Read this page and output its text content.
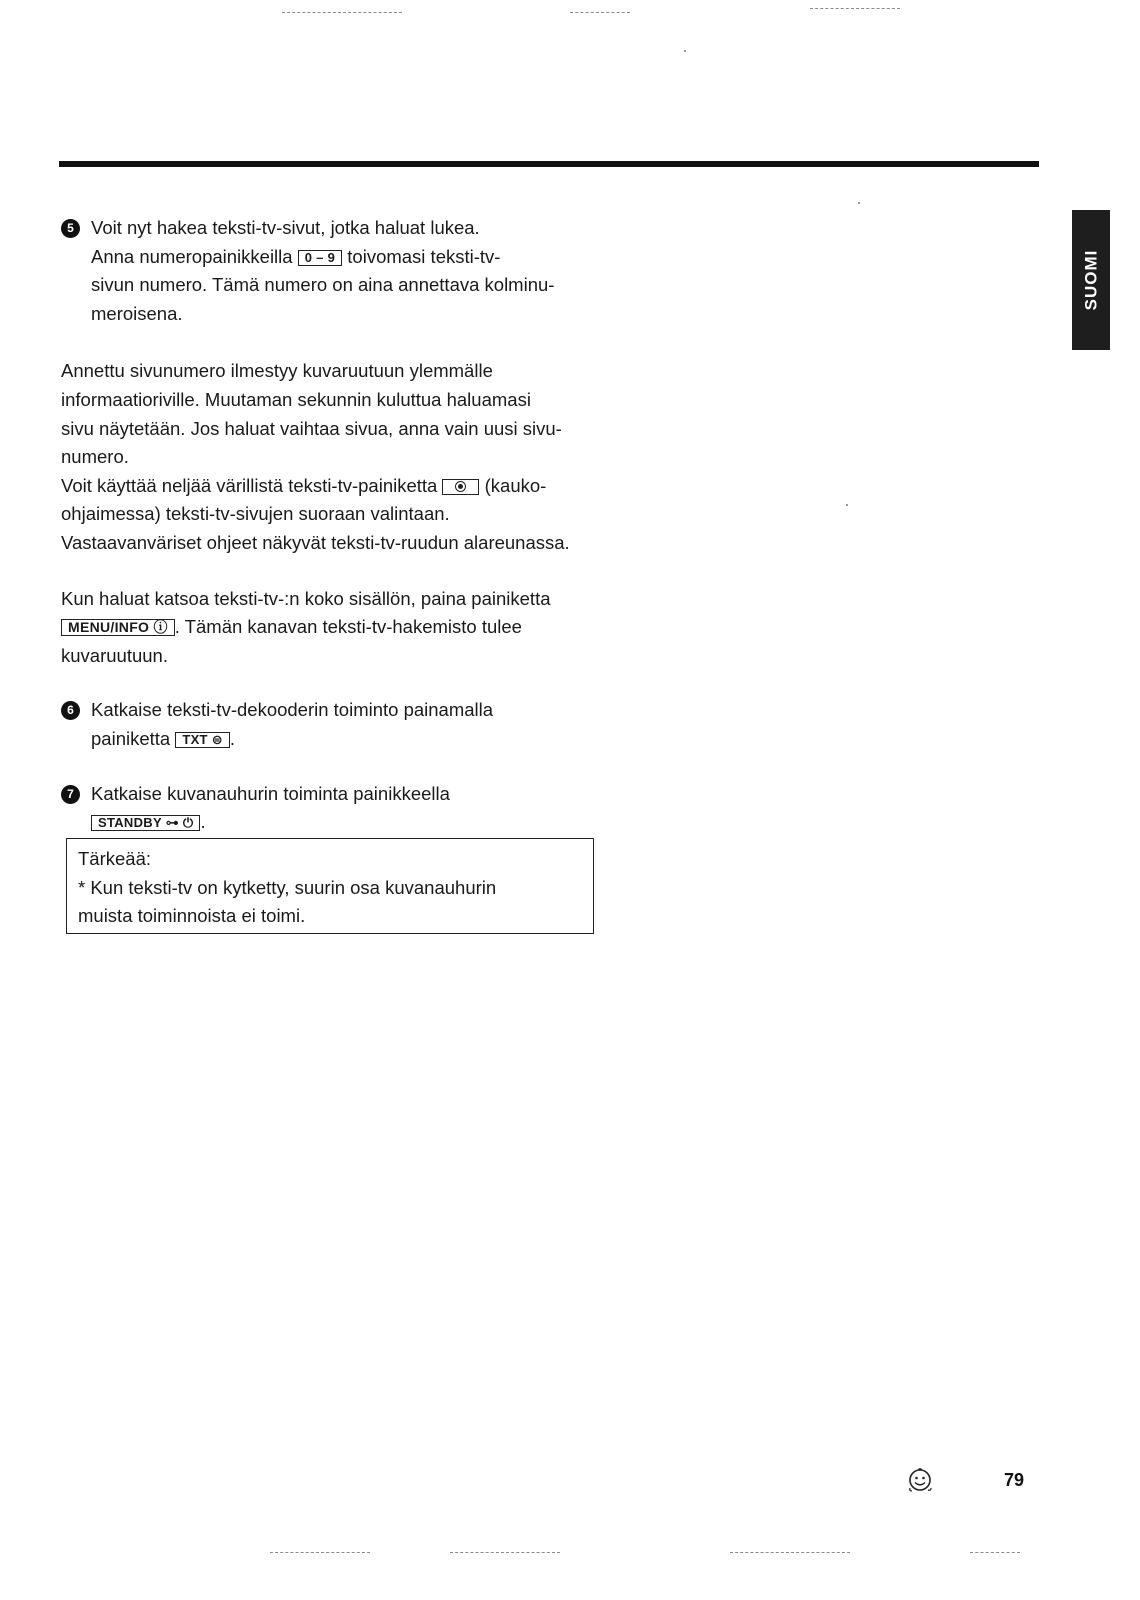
SUOMI
5 Voit nyt hakea teksti-tv-sivut, jotka haluat lukea.
Anna numeropainikkeilla 0 – 9 toivomasi teksti-tv-
sivun numero. Tämä numero on aina annettava kolminu-
meroisena.

Annettu sivunumero ilmestyy kuvaruutuun ylemmälle
informaatioriville. Muutaman sekunnin kuluttua haluamasi
sivu näytetään. Jos haluat vaihtaa sivua, anna vain uusi sivu-
numero.
Voit käyttää neljää värillistä teksti-tv-painiketta  (kauko-
ohjaimessa) teksti-tv-sivujen suoraan valintaan.
Vastaavanväriset ohjeet näkyvät teksti-tv-ruudun alareunassa.

Kun haluat katsoa teksti-tv-:n koko sisällön, paina painiketta
MENU/INFO ⓘ . Tämän kanavan teksti-tv-hakemisto tulee
kuvaruutuun.

6 Katkaise teksti-tv-dekooderin toiminto painamalla
painiketta TXT ⊜ .

7 Katkaise kuvanauhurin toiminta painikkeella
STANDBY ⊶ ⏻ .

Tärkeää:
* Kun teksti-tv on kytketty, suurin osa kuvanauhurin
muista toiminnoista ei toimi.
79
